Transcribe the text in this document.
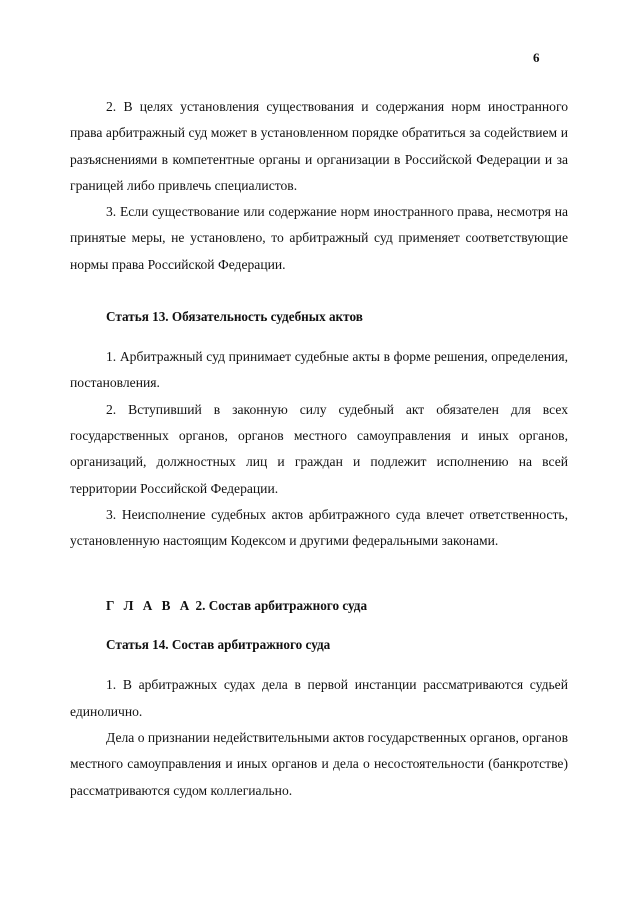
6

2. В целях установления существования и содержания норм иностранного права арбитражный суд может в установленном порядке обратиться за содействием и разъяснениями в компетентные органы и организации в Российской Федерации и за границей либо привлечь специалистов.

3. Если существование или содержание норм иностранного права, несмотря на принятые меры, не установлено, то арбитражный суд применяет соответствующие нормы права Российской Федерации.

Статья 13. Обязательность судебных актов

1. Арбитражный суд принимает судебные акты в форме решения, определения, постановления.

2. Вступивший в законную силу судебный акт обязателен для всех государственных органов, органов местного самоуправления и иных органов, организаций, должностных лиц и граждан и подлежит исполнению на всей территории Российской Федерации.

3. Неисполнение судебных актов арбитражного суда влечет ответственность, установленную настоящим Кодексом и другими федеральными законами.

Г Л А В А 2. Состав арбитражного суда

Статья 14. Состав арбитражного суда

1. В арбитражных судах дела в первой инстанции рассматриваются судьей единолично.

Дела о признании недействительными актов государственных органов, органов местного самоуправления и иных органов и дела о несостоятельности (банкротстве) рассматриваются судом коллегиально.
